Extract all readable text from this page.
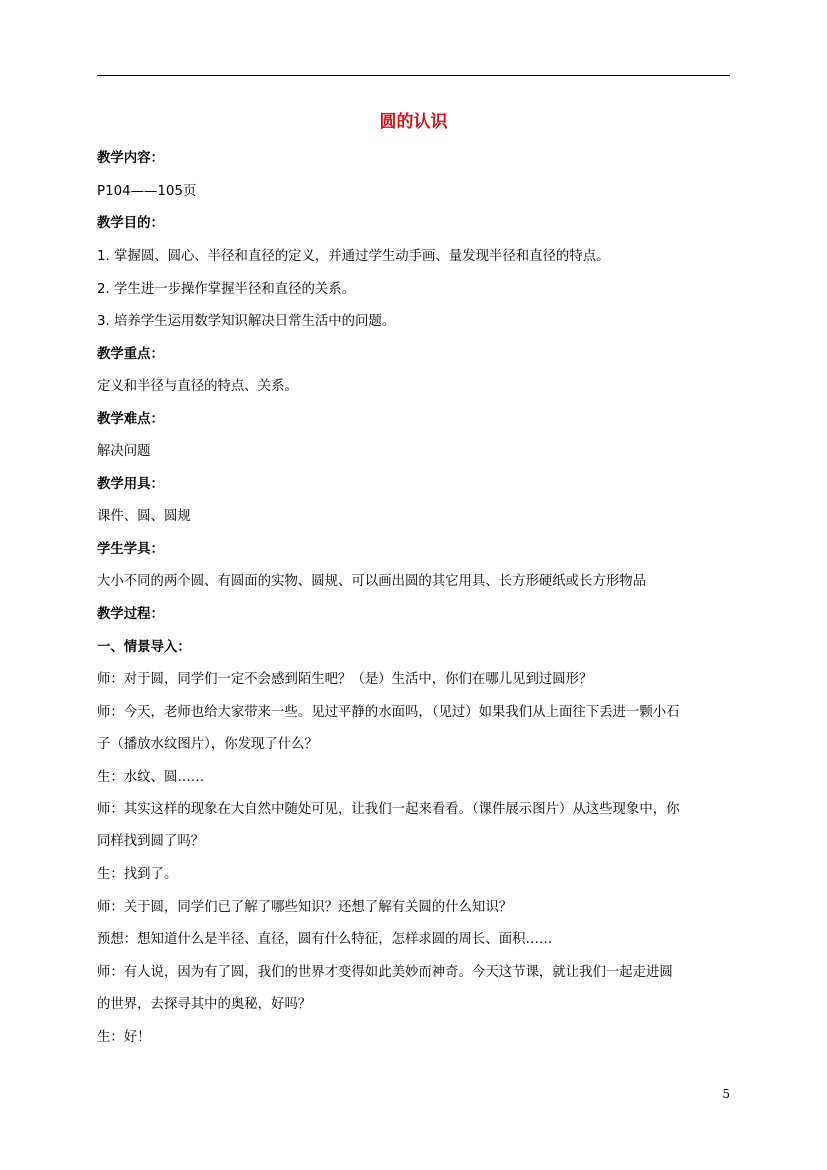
圆的认识
教学内容：
P104——105页
教学目的：
1. 掌握圆、圆心、半径和直径的定义，并通过学生动手画、量发现半径和直径的特点。
2. 学生进一步操作掌握半径和直径的关系。
3. 培养学生运用数学知识解决日常生活中的问题。
教学重点：
定义和半径与直径的特点、关系。
教学难点：
解决问题
教学用具：
课件、圆、圆规
学生学具：
大小不同的两个圆、有圆面的实物、圆规、可以画出圆的其它用具、长方形硬纸或长方形物品
教学过程：
一、情景导入：
师：对于圆，同学们一定不会感到陌生吧？（是）生活中，你们在哪儿见到过圆形？
师：今天，老师也给大家带来一些。见过平静的水面吗，（见过）如果我们从上面往下丢进一颗小石
子（播放水纹图片），你发现了什么？
生：水纹、圆……
师：其实这样的现象在大自然中随处可见，让我们一起来看看。（课件展示图片）从这些现象中，你
同样找到圆了吗？
生：找到了。
师：关于圆，同学们已了解了哪些知识？还想了解有关圆的什么知识？
预想：想知道什么是半径、直径，圆有什么特征，怎样求圆的周长、面积……
师：有人说，因为有了圆，我们的世界才变得如此美妙而神奇。今天这节课，就让我们一起走进圆
的世界，去探寻其中的奥秘，好吗？
生：好！
5
